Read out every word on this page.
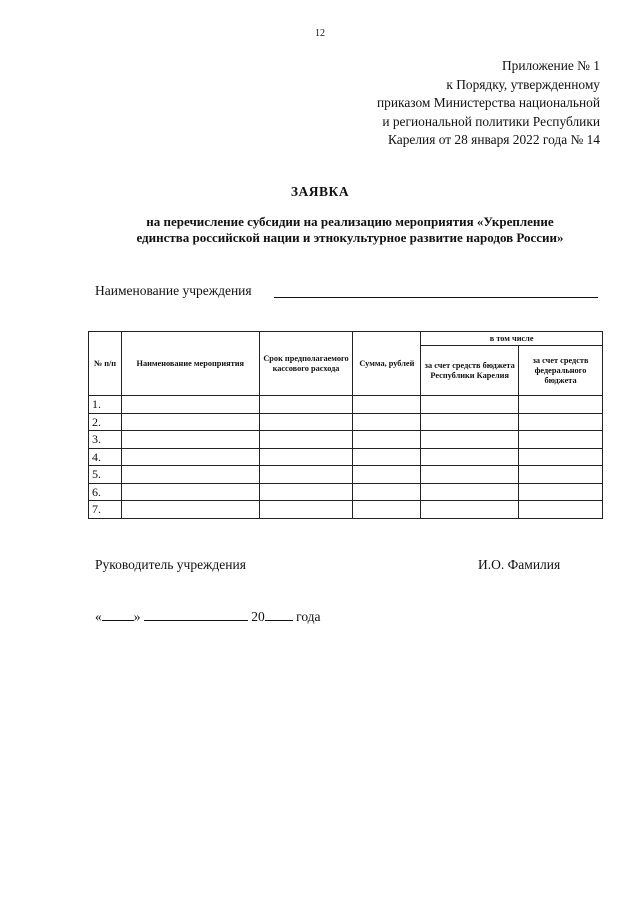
12
Приложение № 1
к Порядку, утвержденному
приказом Министерства национальной
и региональной политики Республики
Карелия от 28 января 2022 года № 14
ЗАЯВКА
на перечисление субсидии на реализацию мероприятия «Укрепление
единства российской нации и этнокультурное развитие народов России»
Наименование учреждения
№ п/п	Наименование мероприятия	Срок предполагаемого кассового расхода	Сумма, рублей	в том числе	
				за счет средств бюджета Республики Карелия	за счет средств федерального бюджета
1.					
2.					
3.					
4.					
5.					
6.					
7.					
Руководитель учреждения	И.О. Фамилия
« »	20 года
